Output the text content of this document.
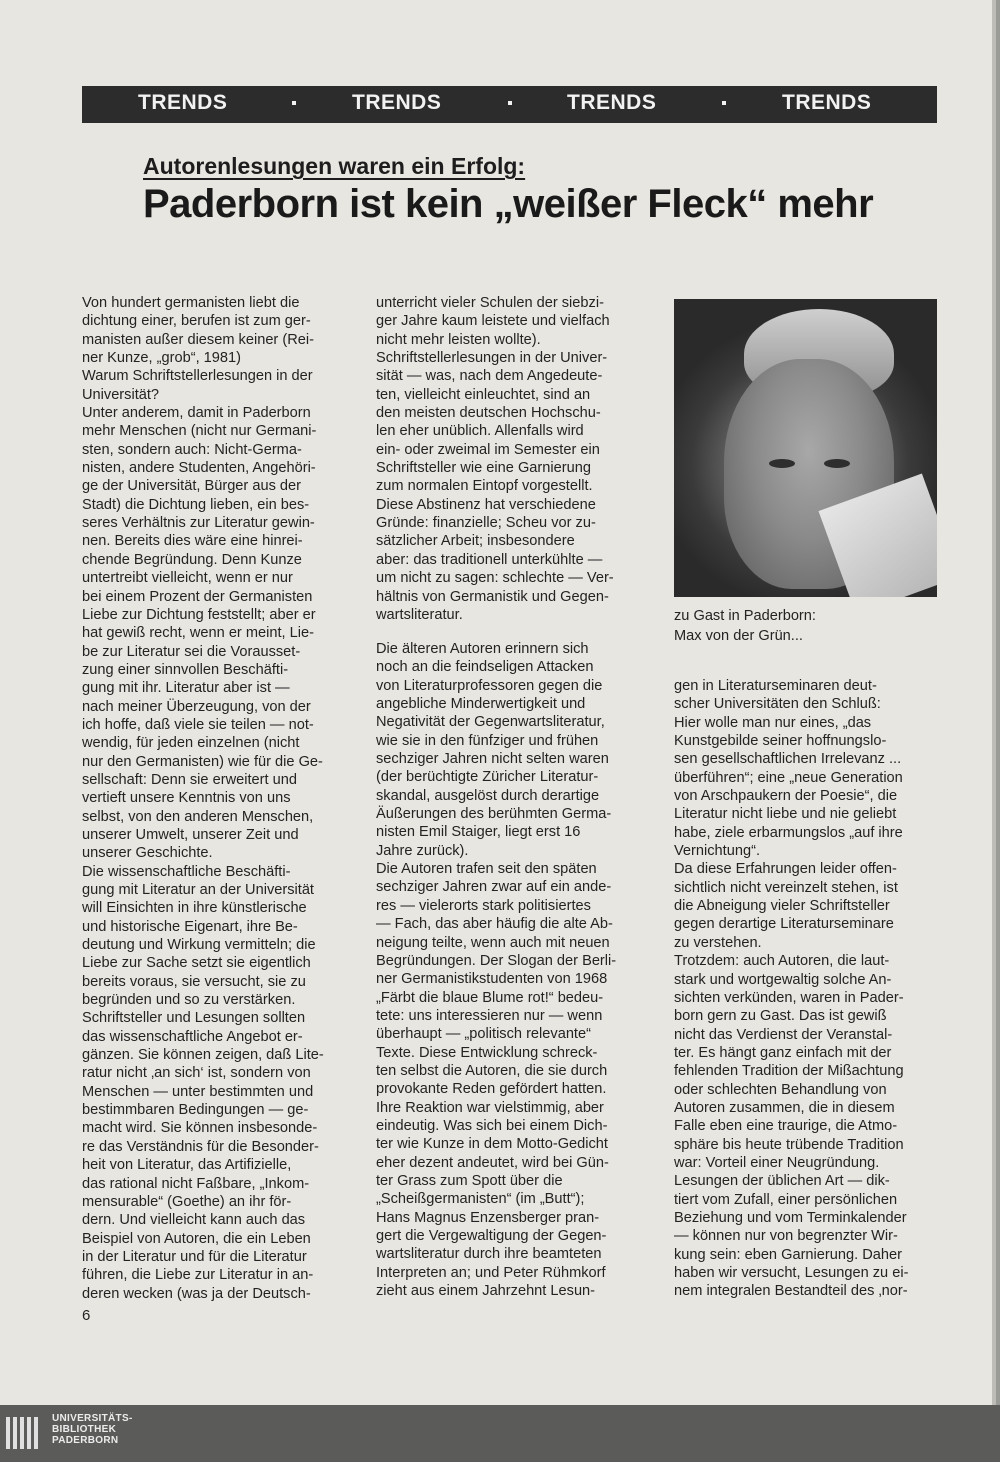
TRENDS	TRENDS	TRENDS	TRENDS
Autorenlesungen waren ein Erfolg:
Paderborn ist kein „weißer Fleck“ mehr
Von hundert germanisten liebt die
dichtung einer, berufen ist zum ger-
manisten außer diesem keiner (Rei-
ner Kunze, „grob“, 1981)
Warum Schriftstellerlesungen in der
Universität?
Unter anderem, damit in Paderborn
mehr Menschen (nicht nur Germani-
sten, sondern auch: Nicht-Germa-
nisten, andere Studenten, Angehöri-
ge der Universität, Bürger aus der
Stadt) die Dichtung lieben, ein bes-
seres Verhältnis zur Literatur gewin-
nen. Bereits dies wäre eine hinrei-
chende Begründung. Denn Kunze
untertreibt vielleicht, wenn er nur
bei einem Prozent der Germanisten
Liebe zur Dichtung feststellt; aber er
hat gewiß recht, wenn er meint, Lie-
be zur Literatur sei die Vorausset-
zung einer sinnvollen Beschäfti-
gung mit ihr. Literatur aber ist —
nach meiner Überzeugung, von der
ich hoffe, daß viele sie teilen — not-
wendig, für jeden einzelnen (nicht
nur den Germanisten) wie für die Ge-
sellschaft: Denn sie erweitert und
vertieft unsere Kenntnis von uns
selbst, von den anderen Menschen,
unserer Umwelt, unserer Zeit und
unserer Geschichte.
Die wissenschaftliche Beschäfti-
gung mit Literatur an der Universität
will Einsichten in ihre künstlerische
und historische Eigenart, ihre Be-
deutung und Wirkung vermitteln; die
Liebe zur Sache setzt sie eigentlich
bereits voraus, sie versucht, sie zu
begründen und so zu verstärken.
Schriftsteller und Lesungen sollten
das wissenschaftliche Angebot er-
gänzen. Sie können zeigen, daß Lite-
ratur nicht ‚an sich‘ ist, sondern von
Menschen — unter bestimmten und
bestimmbaren Bedingungen — ge-
macht wird. Sie können insbesonde-
re das Verständnis für die Besonder-
heit von Literatur, das Artifizielle,
das rational nicht Faßbare, „Inkom-
mensurable“ (Goethe) an ihr för-
dern. Und vielleicht kann auch das
Beispiel von Autoren, die ein Leben
in der Literatur und für die Literatur
führen, die Liebe zur Literatur in an-
deren wecken (was ja der Deutsch-
unterricht vieler Schulen der siebzi-
ger Jahre kaum leistete und vielfach
nicht mehr leisten wollte).
Schriftstellerlesungen in der Univer-
sität — was, nach dem Angedeute-
ten, vielleicht einleuchtet, sind an
den meisten deutschen Hochschu-
len eher unüblich. Allenfalls wird
ein- oder zweimal im Semester ein
Schriftsteller wie eine Garnierung
zum normalen Eintopf vorgestellt.
Diese Abstinenz hat verschiedene
Gründe: finanzielle; Scheu vor zu-
sätzlicher Arbeit; insbesondere
aber: das traditionell unterkühlte —
um nicht zu sagen: schlechte — Ver-
hältnis von Germanistik und Gegen-
wartsliteratur.
Die älteren Autoren erinnern sich
noch an die feindseligen Attacken
von Literaturprofessoren gegen die
angebliche Minderwertigkeit und
Negativität der Gegenwartsliteratur,
wie sie in den fünfziger und frühen
sechziger Jahren nicht selten waren
(der berüchtigte Züricher Literatur-
skandal, ausgelöst durch derartige
Äußerungen des berühmten Germa-
nisten Emil Staiger, liegt erst 16
Jahre zurück).
Die Autoren trafen seit den späten
sechziger Jahren zwar auf ein ande-
res — vielerorts stark politisiertes
— Fach, das aber häufig die alte Ab-
neigung teilte, wenn auch mit neuen
Begründungen. Der Slogan der Berli-
ner Germanistikstudenten von 1968
„Färbt die blaue Blume rot!“ bedeu-
tete: uns interessieren nur — wenn
überhaupt — „politisch relevante“
Texte. Diese Entwicklung schreck-
ten selbst die Autoren, die sie durch
provokante Reden gefördert hatten.
Ihre Reaktion war vielstimmig, aber
eindeutig. Was sich bei einem Dich-
ter wie Kunze in dem Motto-Gedicht
eher dezent andeutet, wird bei Gün-
ter Grass zum Spott über die
„Scheißgermanisten“ (im „Butt“);
Hans Magnus Enzensberger pran-
gert die Vergewaltigung der Gegen-
wartsliteratur durch ihre beamteten
Interpreten an; und Peter Rühmkorf
zieht aus einem Jahrzehnt Lesun-
zu Gast in Paderborn:
Max von der Grün...
gen in Literaturseminaren deut-
scher Universitäten den Schluß:
Hier wolle man nur eines, „das
Kunstgebilde seiner hoffnungslo-
sen gesellschaftlichen Irrelevanz ...
überführen“; eine „neue Generation
von Arschpaukern der Poesie“, die
Literatur nicht liebe und nie geliebt
habe, ziele erbarmungslos „auf ihre
Vernichtung“.
Da diese Erfahrungen leider offen-
sichtlich nicht vereinzelt stehen, ist
die Abneigung vieler Schriftsteller
gegen derartige Literaturseminare
zu verstehen.
Trotzdem: auch Autoren, die laut-
stark und wortgewaltig solche An-
sichten verkünden, waren in Pader-
born gern zu Gast. Das ist gewiß
nicht das Verdienst der Veranstal-
ter. Es hängt ganz einfach mit der
fehlenden Tradition der Mißachtung
oder schlechten Behandlung von
Autoren zusammen, die in diesem
Falle eben eine traurige, die Atmo-
sphäre bis heute trübende Tradition
war: Vorteil einer Neugründung.
Lesungen der üblichen Art — dik-
tiert vom Zufall, einer persönlichen
Beziehung und vom Terminkalender
— können nur von begrenzter Wir-
kung sein: eben Garnierung. Daher
haben wir versucht, Lesungen zu ei-
nem integralen Bestandteil des ‚nor-
6
UNIVERSITÄTS-
BIBLIOTHEK
PADERBORN
